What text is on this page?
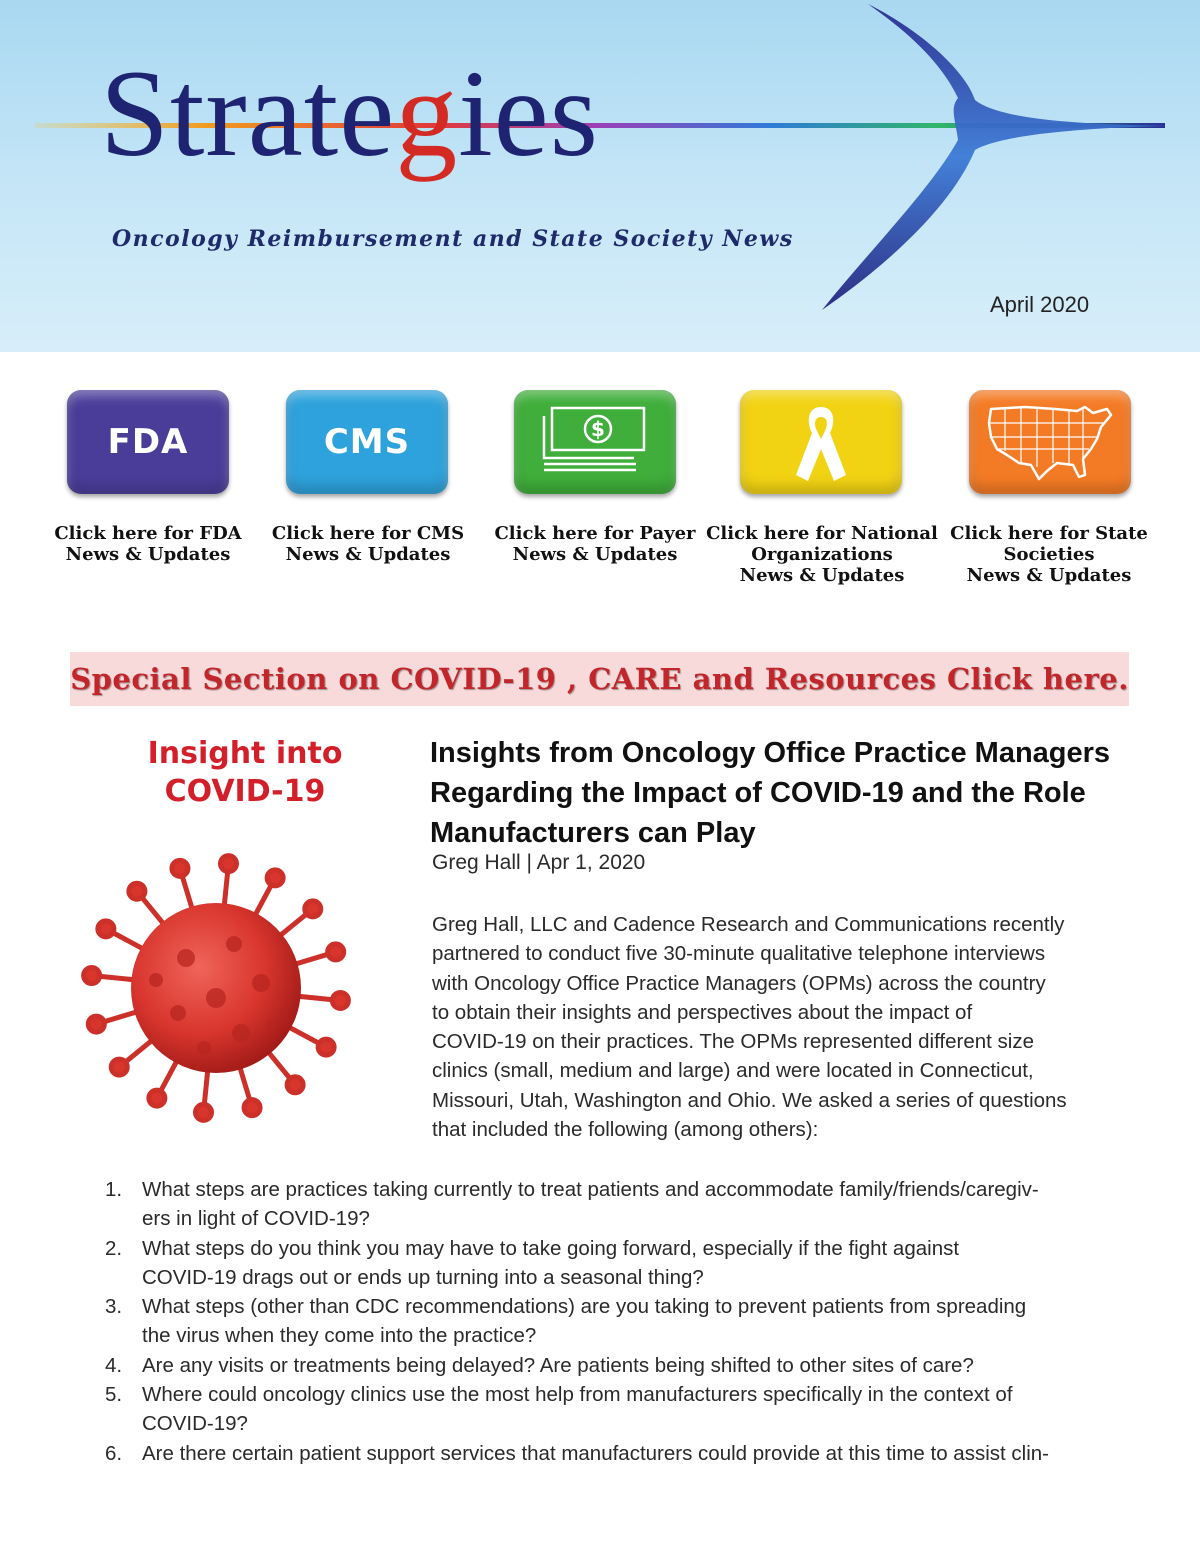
Strategies
Oncology Reimbursement and State Society News
April 2020
FDA
Click here for FDA
News & Updates
CMS
Click here for CMS
News & Updates
$
Click here for Payer
News & Updates
Click here for National
Organizations
News & Updates
Click here for State
Societies
News & Updates
Special Section on COVID-19 , CARE and Resources Click here.
Insight into
COVID-19
Insights from Oncology Office Practice Managers
Regarding the Impact of COVID-19 and the Role
Manufacturers can Play
Greg Hall | Apr 1, 2020

Greg Hall, LLC and Cadence Research and Communications recently
partnered to conduct five 30-minute qualitative telephone interviews
with Oncology Office Practice Managers (OPMs) across the country
to obtain their insights and perspectives about the impact of
COVID-19 on their practices. The OPMs represented different size
clinics (small, medium and large) and were located in Connecticut,
Missouri, Utah, Washington and Ohio. We asked a series of questions
that included the following (among others):

1. What steps are practices taking currently to treat patients and accommodate family/friends/caregiv-
ers in light of COVID-19?
2. What steps do you think you may have to take going forward, especially if the fight against
COVID-19 drags out or ends up turning into a seasonal thing?
3. What steps (other than CDC recommendations) are you taking to prevent patients from spreading
the virus when they come into the practice?
4. Are any visits or treatments being delayed? Are patients being shifted to other sites of care?
5. Where could oncology clinics use the most help from manufacturers specifically in the context of
COVID-19?
6. Are there certain patient support services that manufacturers could provide at this time to assist clin-
